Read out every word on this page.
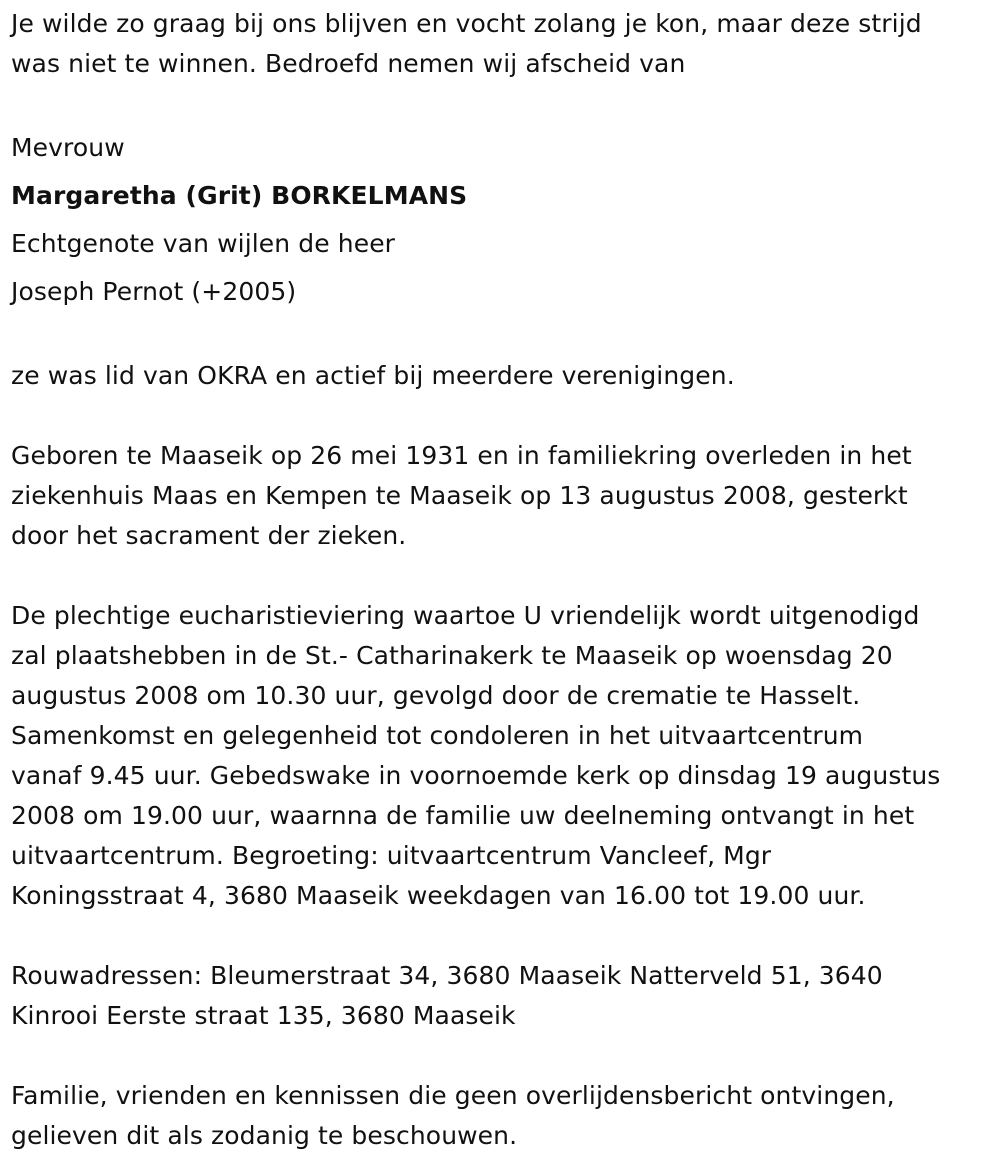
Je wilde zo graag bij ons blijven en vocht zolang je kon, maar deze strijd
was niet te winnen. Bedroefd nemen wij afscheid van
Mevrouw
Margaretha (Grit) BORKELMANS
Echtgenote van wijlen de heer
Joseph Pernot (+2005)
ze was lid van OKRA en actief bij meerdere verenigingen.
Geboren te Maaseik op 26 mei 1931 en in familiekring overleden in het
ziekenhuis Maas en Kempen te Maaseik op 13 augustus 2008, gesterkt
door het sacrament der zieken.
De plechtige eucharistieviering waartoe U vriendelijk wordt uitgenodigd
zal plaatshebben in de St.- Catharinakerk te Maaseik op woensdag 20
augustus 2008 om 10.30 uur, gevolgd door de crematie te Hasselt.
Samenkomst en gelegenheid tot condoleren in het uitvaartcentrum
vanaf 9.45 uur. Gebedswake in voornoemde kerk op dinsdag 19 augustus
2008 om 19.00 uur, waarnna de familie uw deelneming ontvangt in het
uitvaartcentrum. Begroeting: uitvaartcentrum Vancleef, Mgr
Koningsstraat 4, 3680 Maaseik weekdagen van 16.00 tot 19.00 uur.
Rouwadressen: Bleumerstraat 34, 3680 Maaseik Natterveld 51, 3640
Kinrooi Eerste straat 135, 3680 Maaseik
Familie, vrienden en kennissen die geen overlijdensbericht ontvingen,
gelieven dit als zodanig te beschouwen.
